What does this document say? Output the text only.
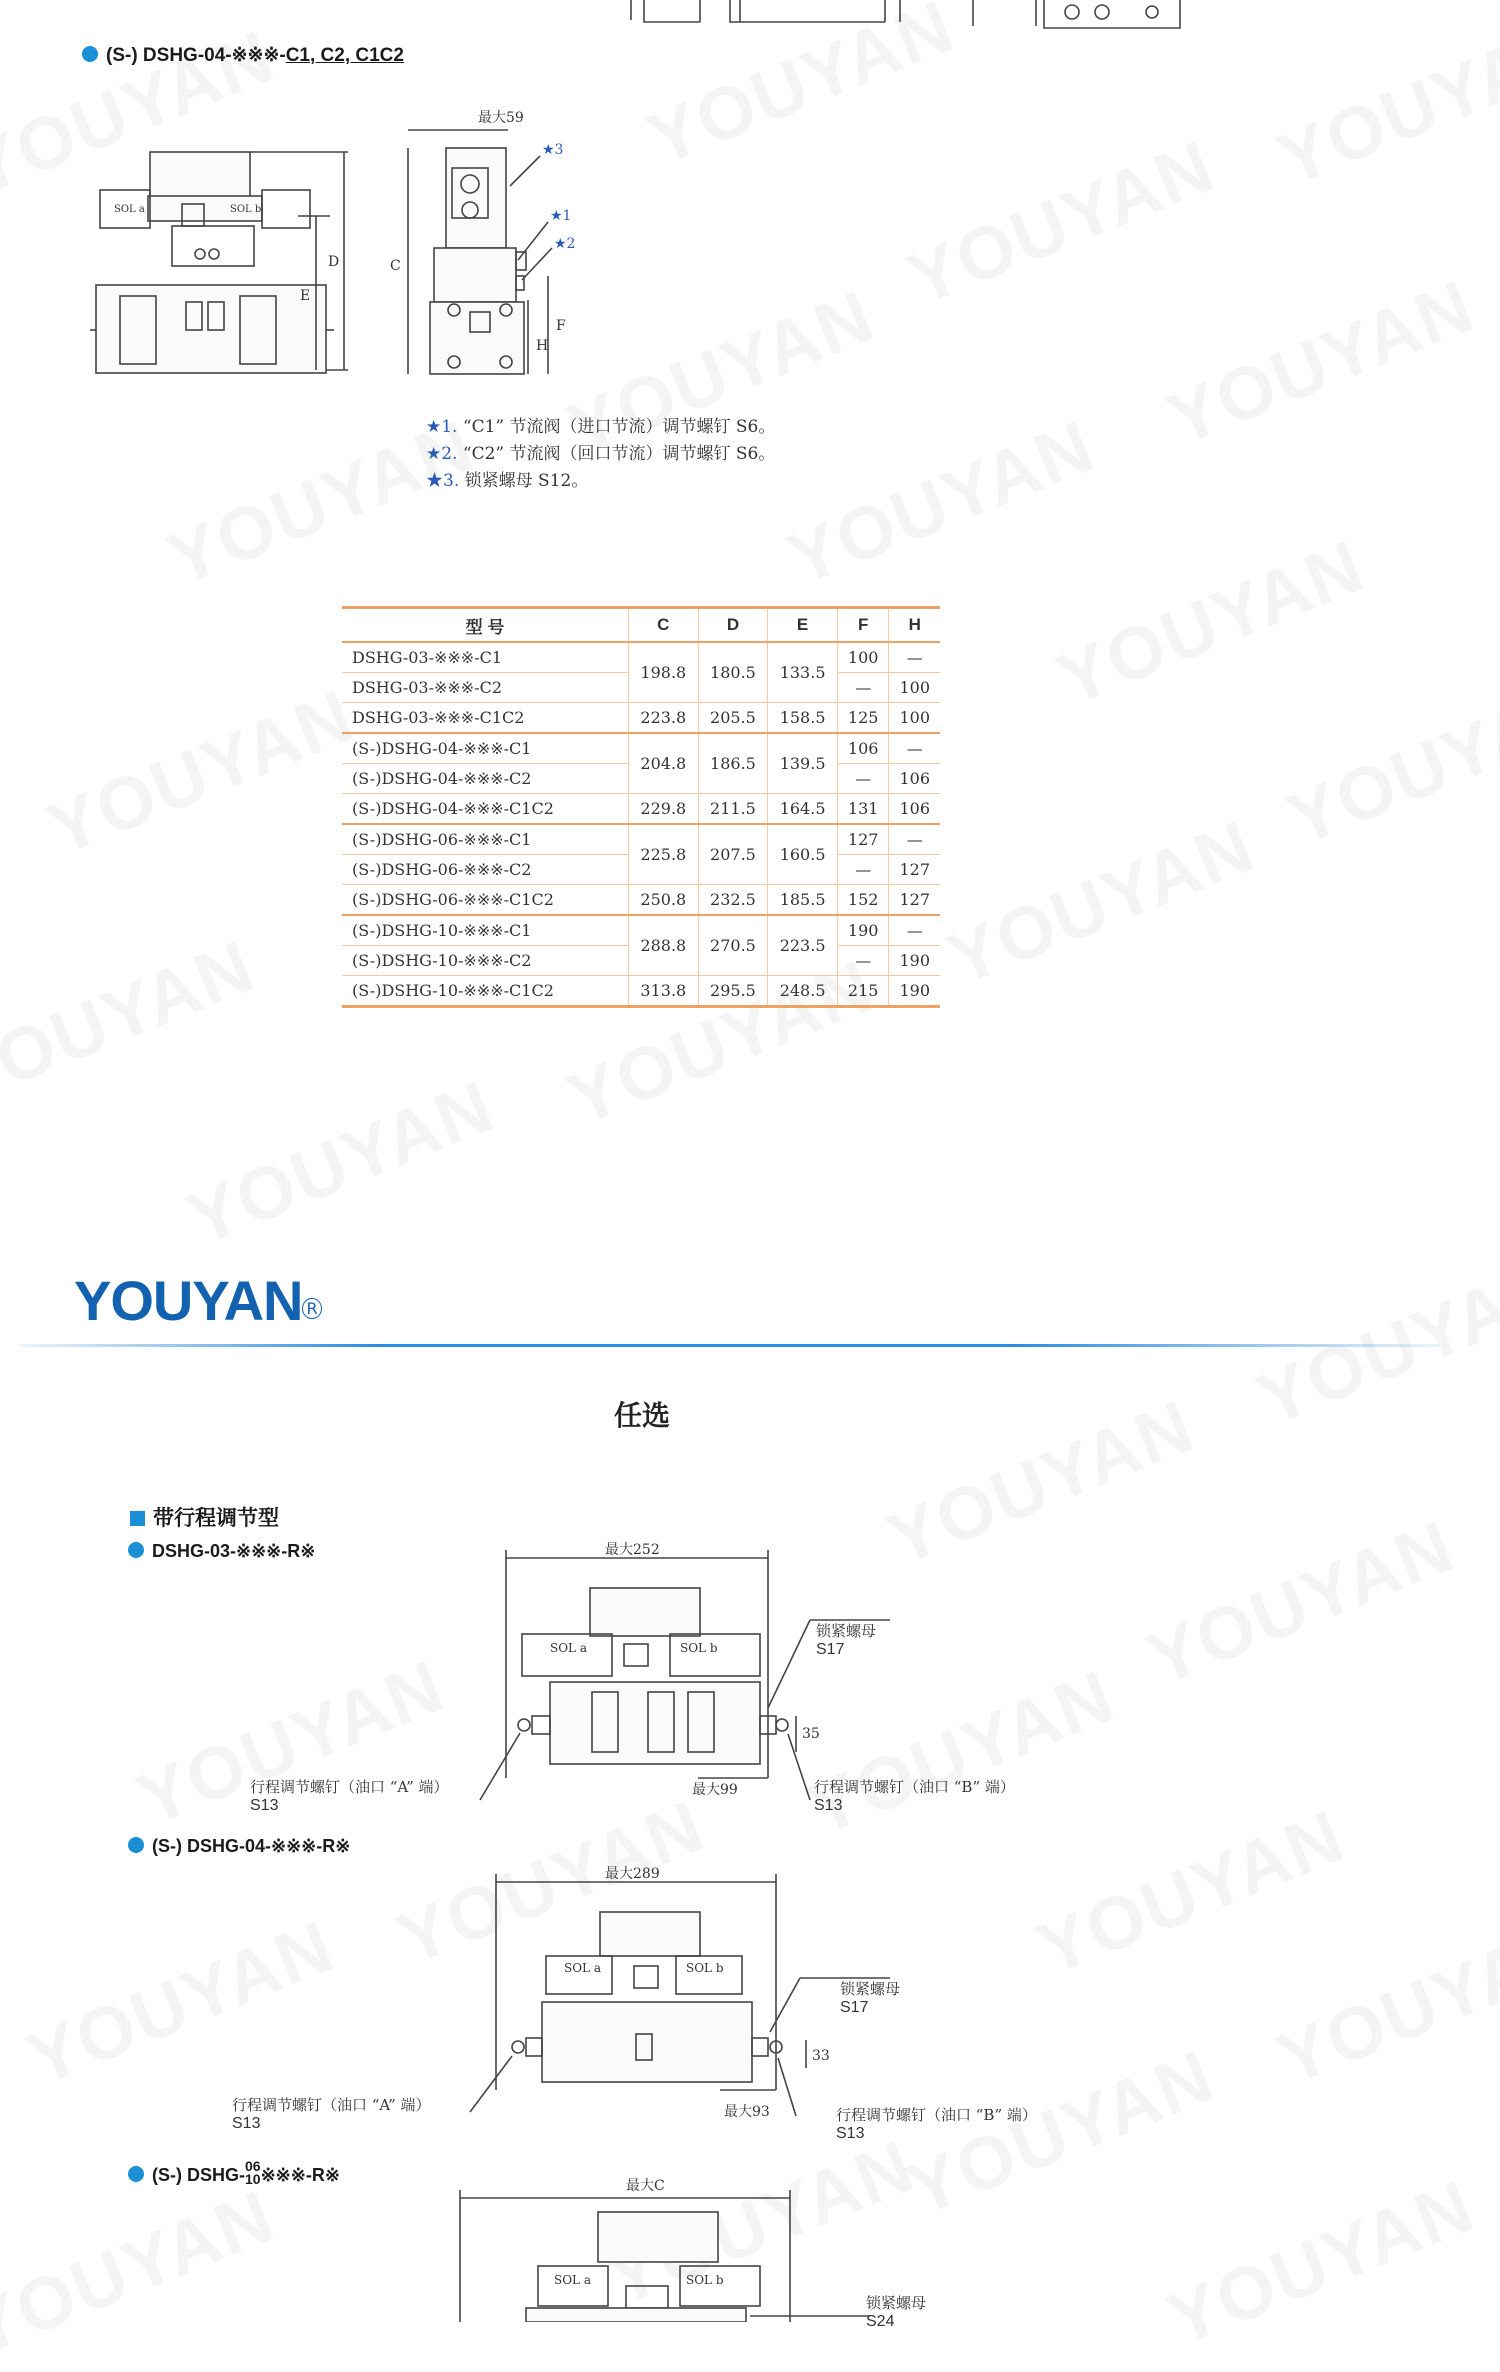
(S-) DSHG-04-※※※-C1, C2, C1C2
SOL a	SOL b
D
E
最大59
C
H
F
★3
★1
★2
★1. “C1” 节流阀（进口节流）调节螺钉 S6。
★2. “C2” 节流阀（回口节流）调节螺钉 S6。
★3. 锁紧螺母 S12。
型 号	C	D	E	F	H
DSHG-03-※※※-C1	198.8	180.5	133.5	100	—
DSHG-03-※※※-C2				—	100
DSHG-03-※※※-C1C2	223.8	205.5	158.5	125	100
(S-)DSHG-04-※※※-C1	204.8	186.5	139.5	106	—
(S-)DSHG-04-※※※-C2				—	106
(S-)DSHG-04-※※※-C1C2	229.8	211.5	164.5	131	106
(S-)DSHG-06-※※※-C1	225.8	207.5	160.5	127	—
(S-)DSHG-06-※※※-C2				—	127
(S-)DSHG-06-※※※-C1C2	250.8	232.5	185.5	152	127
(S-)DSHG-10-※※※-C1	288.8	270.5	223.5	190	—
(S-)DSHG-10-※※※-C2				—	190
(S-)DSHG-10-※※※-C1C2	313.8	295.5	248.5	215	190
YOUYAN R
任选
带行程调节型
DSHG-03-※※※-R※	最大252
SOL a	SOL b
最大99
35
锁紧螺母
S17
行程调节螺钉（油口 “A” 端）
S13
行程调节螺钉（油口 “B” 端）
S13
(S-) DSHG-04-※※※-R※
最大289
SOL a	SOL b
最大93
33
锁紧螺母
S17
行程调节螺钉（油口 “A” 端）
S13	行程调节螺钉（油口 “B” 端）
S13
(S-) DSHG- 06
10 ※※※-R※
最大C
SOL a	SOL b
锁紧螺母
S24
